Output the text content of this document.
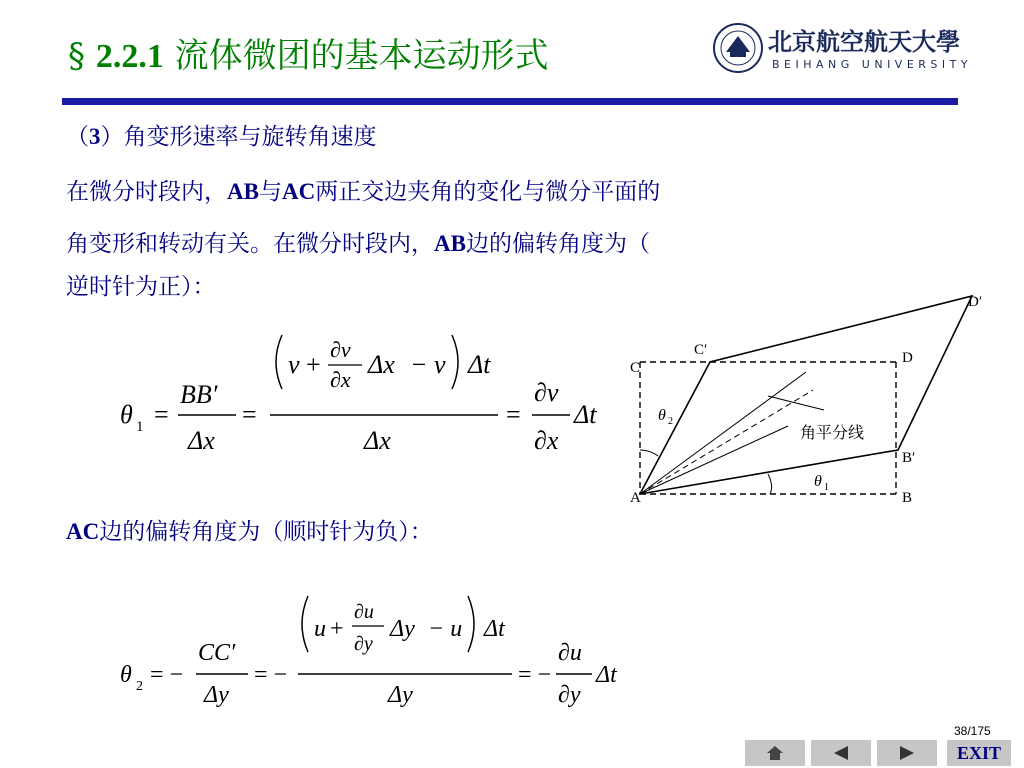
§ 2.2.1 流体微团的基本运动形式	北京航空航天大學
BEIHANG UNIVERSITY
（3）角变形速率与旋转角速度
在微分时段内，AB与AC两正交边夹角的变化与微分平面的
角变形和转动有关。在微分时段内，AB边的偏转角度为（
逆时针为正）：
θ 1 =
BB′
Δx
=
v +
∂v
∂x
Δx − v Δt
Δx
=
∂v
∂x
Δt
A	B
C
D
B′
C′
D′
θ 2
θ 1
角平分线
AC边的偏转角度为（顺时针为负）：
θ 2 = −
CC′
Δy
= −
u +
∂u
∂y
Δy − u Δt
Δy
= −
∂u
∂y
Δt
38/175
EXIT
